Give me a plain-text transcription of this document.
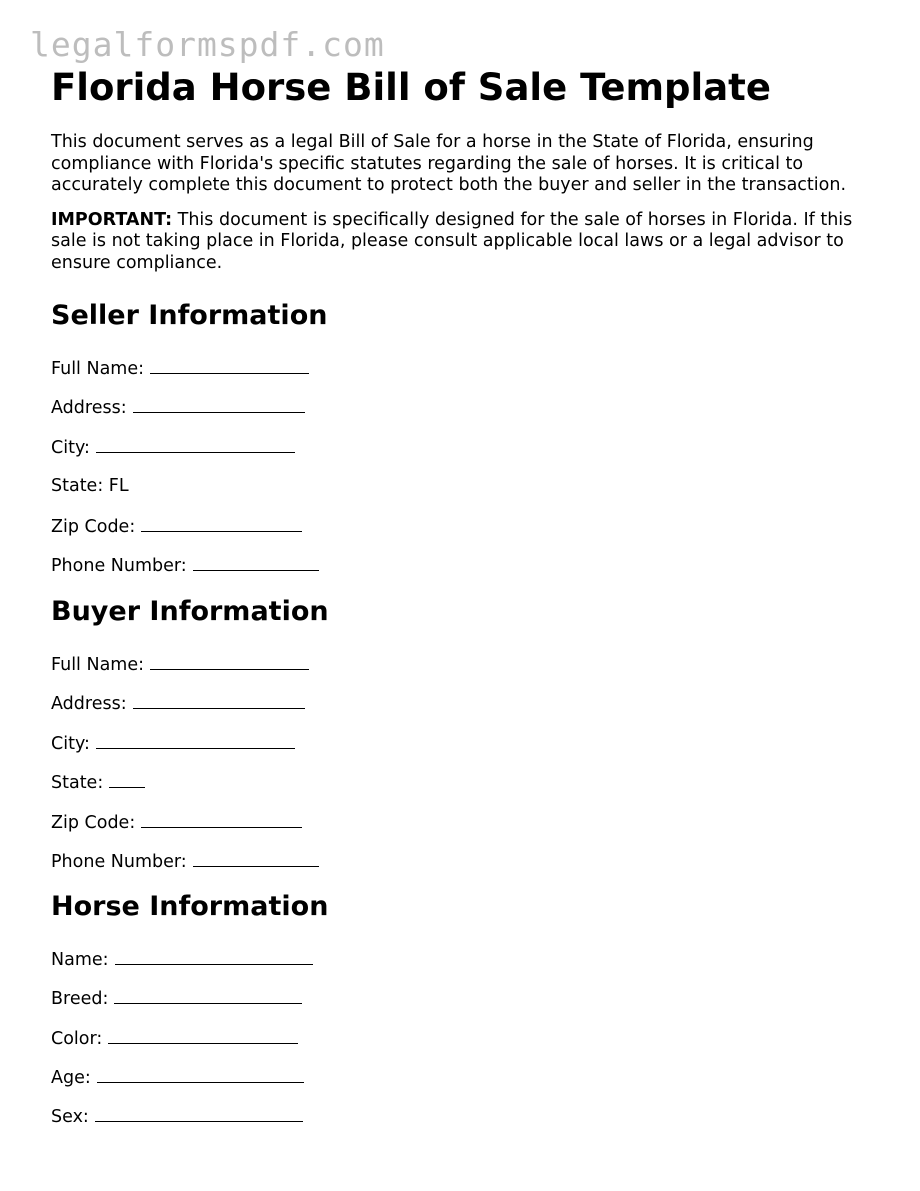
legalformspdf.com
Florida Horse Bill of Sale Template

This document serves as a legal Bill of Sale for a horse in the State of Florida, ensuring compliance with Florida's specific statutes regarding the sale of horses. It is critical to accurately complete this document to protect both the buyer and seller in the transaction.

IMPORTANT: This document is specifically designed for the sale of horses in Florida. If this sale is not taking place in Florida, please consult applicable local laws or a legal advisor to ensure compliance.

Seller Information
Full Name:
Address:
City:
State: FL
Zip Code:
Phone Number:
Buyer Information
Full Name:
Address:
City:
State:
Zip Code:
Phone Number:
Horse Information
Name:
Breed:
Color:
Age:
Sex:
